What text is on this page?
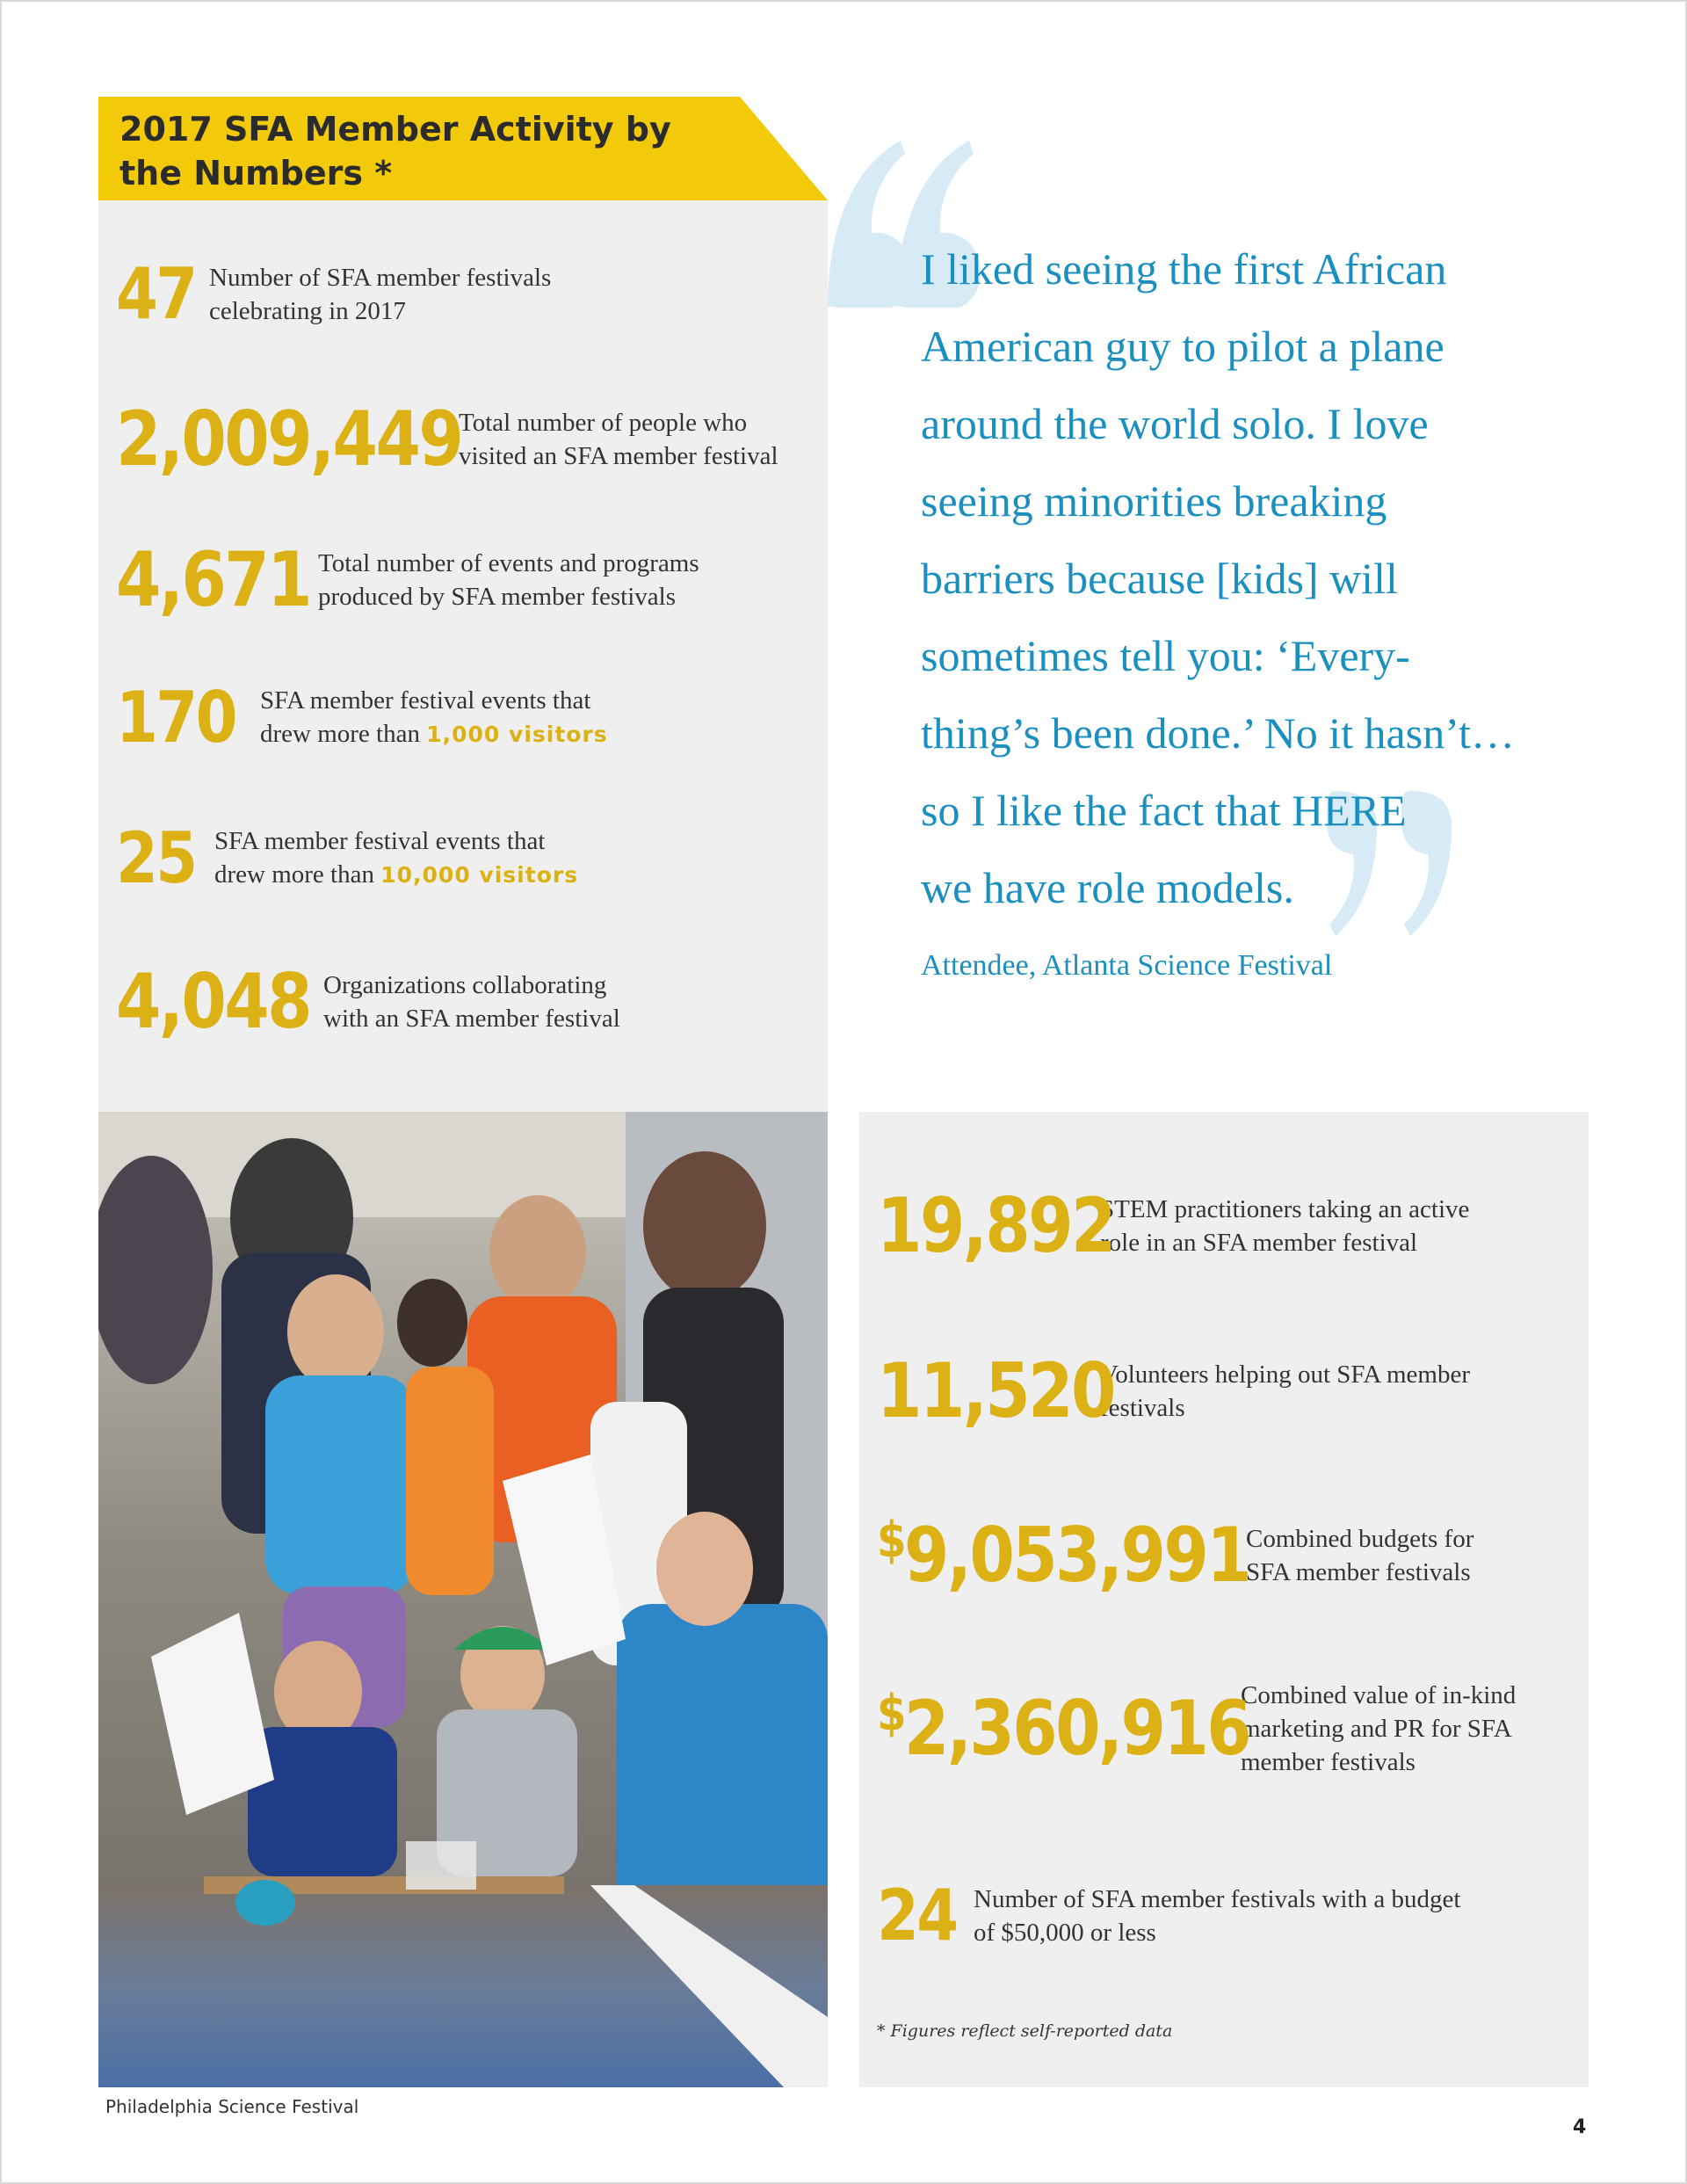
2017 SFA Member Activity by the Numbers *
47 Number of SFA member festivals
celebrating in 2017
2,009,449
Total number of people who
visited an SFA member festival
4,671 Total number of events and programs
produced by SFA member festivals
170 SFA member festival events that
drew more than 1,000 visitors
25 SFA member festival events that
drew more than 10,000 visitors
4,048 Organizations collaborating
with an SFA member festival
Philadelphia Science Festival
I liked seeing the first African
American guy to pilot a plane
around the world solo. I love
seeing minorities breaking
barriers because [kids] will
sometimes tell you: ‘Every-
thing’s been done.’ No it hasn’t…
so I like the fact that HERE
we have role models.
Attendee, Atlanta Science Festival
19,892
STEM practitioners taking an active
role in an SFA member festival
11,520
Volunteers helping out SFA member
festivals
$9,053,991
Combined budgets for
SFA member festivals
$2,360,916
Combined value of in-kind
marketing and PR for SFA
member festivals
24 Number of SFA member festivals with a budget
of $50,000 or less
* Figures reflect self-reported data
4
